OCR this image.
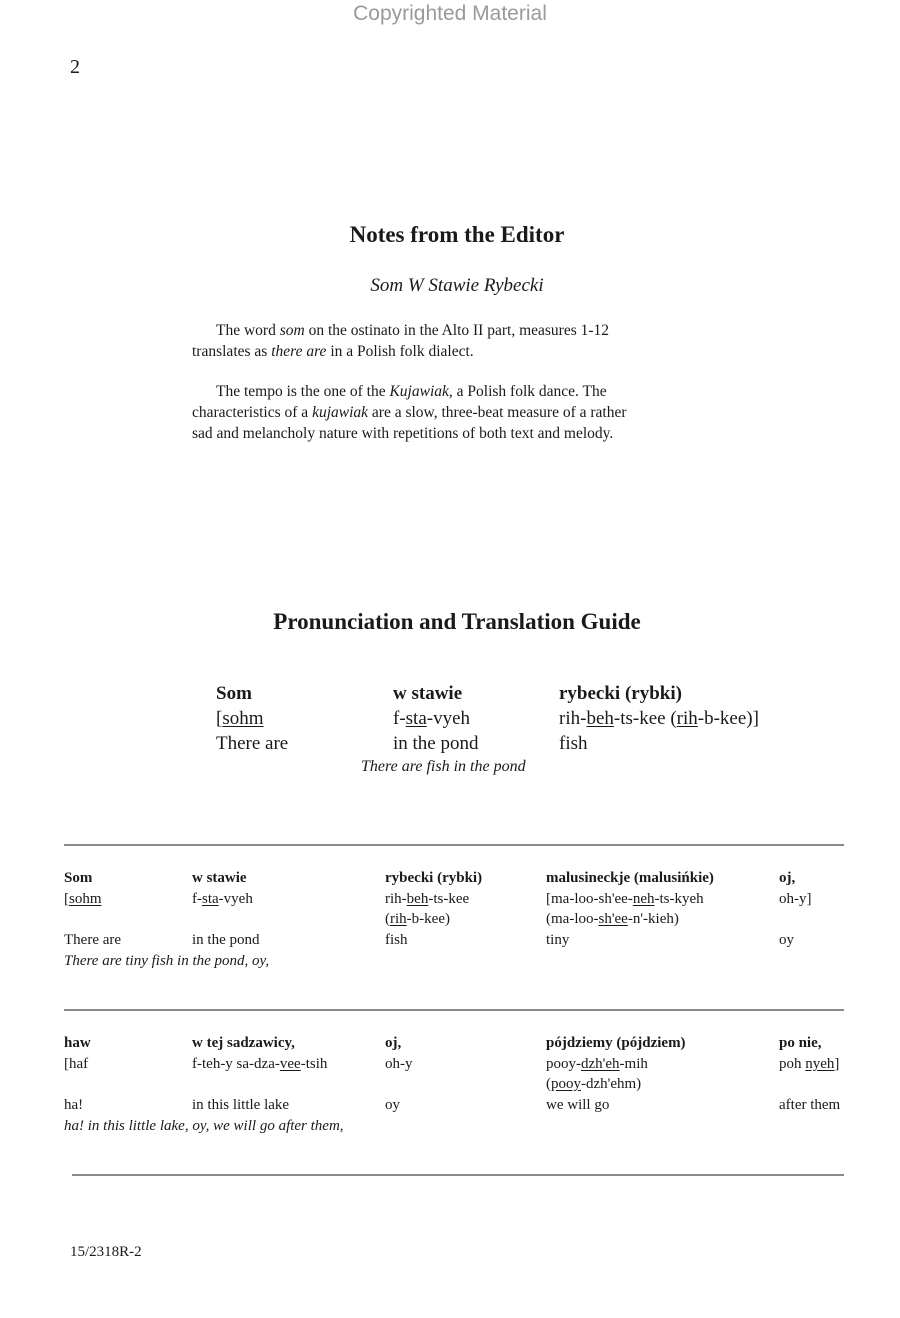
Copyrighted Material
2
Notes from the Editor
Som W Stawie Rybecki
The word som on the ostinato in the Alto II part, measures 1-12
translates as there are in a Polish folk dialect.
The tempo is the one of the Kujawiak, a Polish folk dance. The
characteristics of a kujawiak are a slow, three-beat measure of a rather
sad and melancholy nature with repetitions of both text and melody.
Pronunciation and Translation Guide
Som
[sohm
There are
w stawie
f-sta-vyeh
in the pond
rybecki (rybki)
rih-beh-ts-kee (rih-b-kee)]
fish
There are fish in the pond
Som
[sohm
There are
w stawie
f-sta-vyeh
in the pond
rybecki (rybki)
rih-beh-ts-kee
(rih-b-kee)
fish
malusineckje (malusińkie)
[ma-loo-sh'ee-neh-ts-kyeh
(ma-loo-sh'ee-n'-kieh)
tiny
oj,
oh-y]
oy
There are tiny fish in the pond, oy,
haw
[haf
ha!
w tej sadzawicy,
f-teh-y sa-dza-vee-tsih
in this little lake
oj,
oh-y
oy
pójdziemy (pójdziem)
pooy-dzh'eh-mih
(pooy-dzh'ehm)
we will go
po nie,
poh nyeh]
after them
ha! in this little lake, oy, we will go after them,
15/2318R-2
